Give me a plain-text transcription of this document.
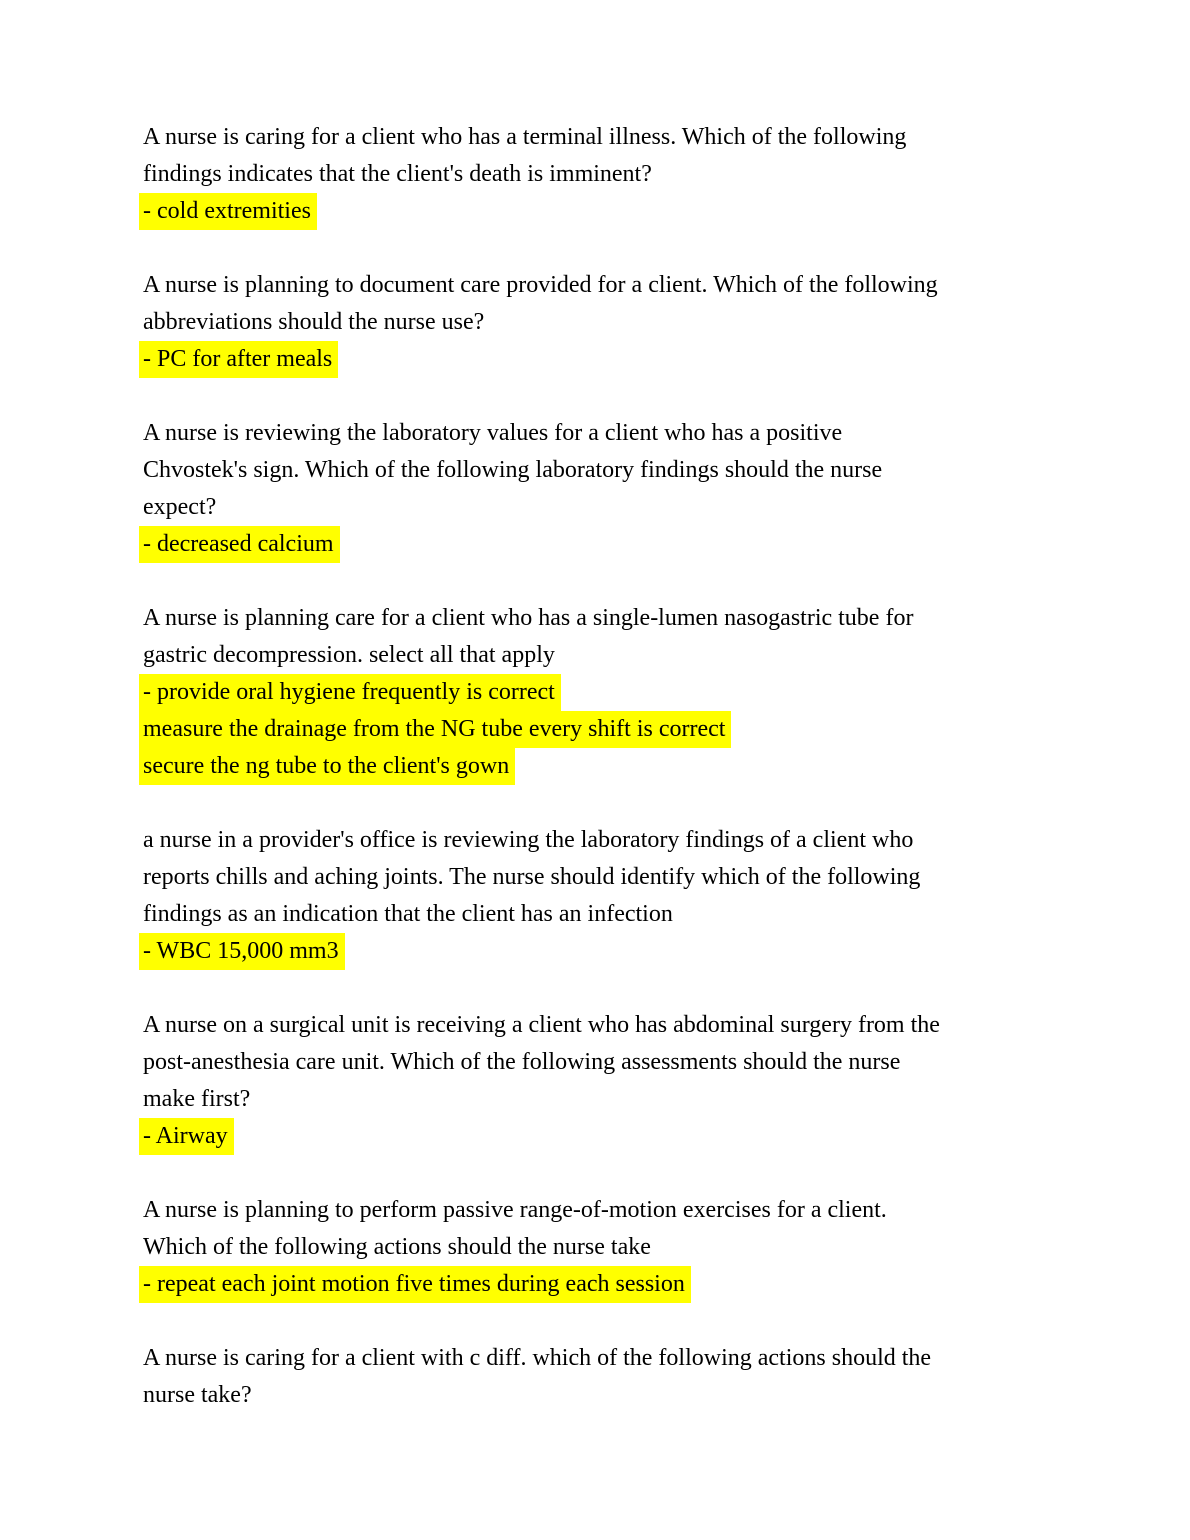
A nurse is caring for a client who has a terminal illness. Which of the following
findings indicates that the client's death is imminent?
- cold extremities
A nurse is planning to document care provided for a client. Which of the following
abbreviations should the nurse use?
- PC for after meals
A nurse is reviewing the laboratory values for a client who has a positive
Chvostek's sign. Which of the following laboratory findings should the nurse
expect?
- decreased calcium
A nurse is planning care for a client who has a single-lumen nasogastric tube for
gastric decompression. select all that apply
- provide oral hygiene frequently is correct
measure the drainage from the NG tube every shift is correct
secure the ng tube to the client's gown
a nurse in a provider's office is reviewing the laboratory findings of a client who
reports chills and aching joints. The nurse should identify which of the following
findings as an indication that the client has an infection
- WBC 15,000 mm3
A nurse on a surgical unit is receiving a client who has abdominal surgery from the
post-anesthesia care unit. Which of the following assessments should the nurse
make first?
- Airway
A nurse is planning to perform passive range-of-motion exercises for a client.
Which of the following actions should the nurse take
- repeat each joint motion five times during each session
A nurse is caring for a client with c diff. which of the following actions should the
nurse take?
